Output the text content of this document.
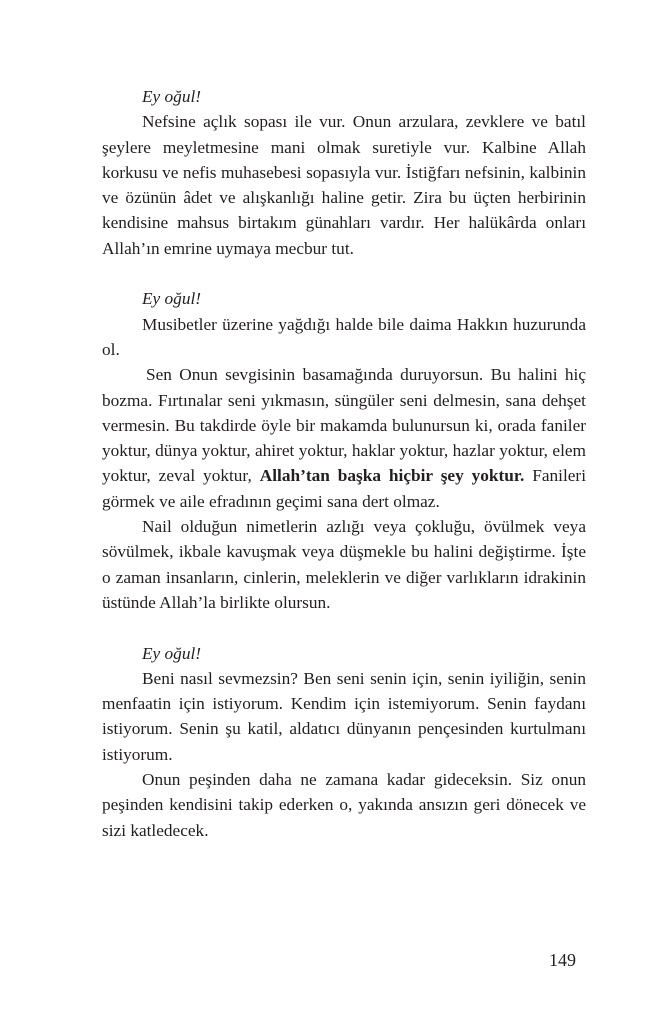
Ey oğul!

Nefsine açlık sopası ile vur. Onun arzulara, zevklere ve batıl şeylere meyletmesine mani olmak suretiyle vur. Kalbine Allah korkusu ve nefis muhasebesi sopasıyla vur. İstiğfarı nefsinin, kalbinin ve özünün âdet ve alışkanlığı haline getir. Zira bu üçten herbirinin kendisine mahsus birtakım günahları vardır. Her halükârda onları Allah’ın emrine uymaya mecbur tut.

Ey oğul!

Musibetler üzerine yağdığı halde bile daima Hakkın huzurunda ol.

Sen Onun sevgisinin basamağında duruyorsun. Bu halini hiç bozma. Fırtınalar seni yıkmasın, süngüler seni delmesin, sana dehşet vermesin. Bu takdirde öyle bir makamda bulunursun ki, orada faniler yoktur, dünya yoktur, ahiret yoktur, haklar yoktur, hazlar yoktur, elem yoktur, zeval yoktur, Allah’tan başka hiçbir şey yoktur. Fanileri görmek ve aile efradının geçimi sana dert olmaz.

Nail olduğun nimetlerin azlığı veya çokluğu, övülmek veya sövülmek, ikbale kavuşmak veya düşmekle bu halini değiştirme. İşte o zaman insanların, cinlerin, meleklerin ve diğer varlıkların idrakinin üstünde Allah’la birlikte olursun.

Ey oğul!

Beni nasıl sevmezsin? Ben seni senin için, senin iyiliğin, senin menfaatin için istiyorum. Kendim için istemiyorum. Senin faydanı istiyorum. Senin şu katil, aldatıcı dünyanın pençesinden kurtulmanı istiyorum.

Onun peşinden daha ne zamana kadar gideceksin. Siz onun peşinden kendisini takip ederken o, yakında ansızın geri dönecek ve sizi katledecek.

149
